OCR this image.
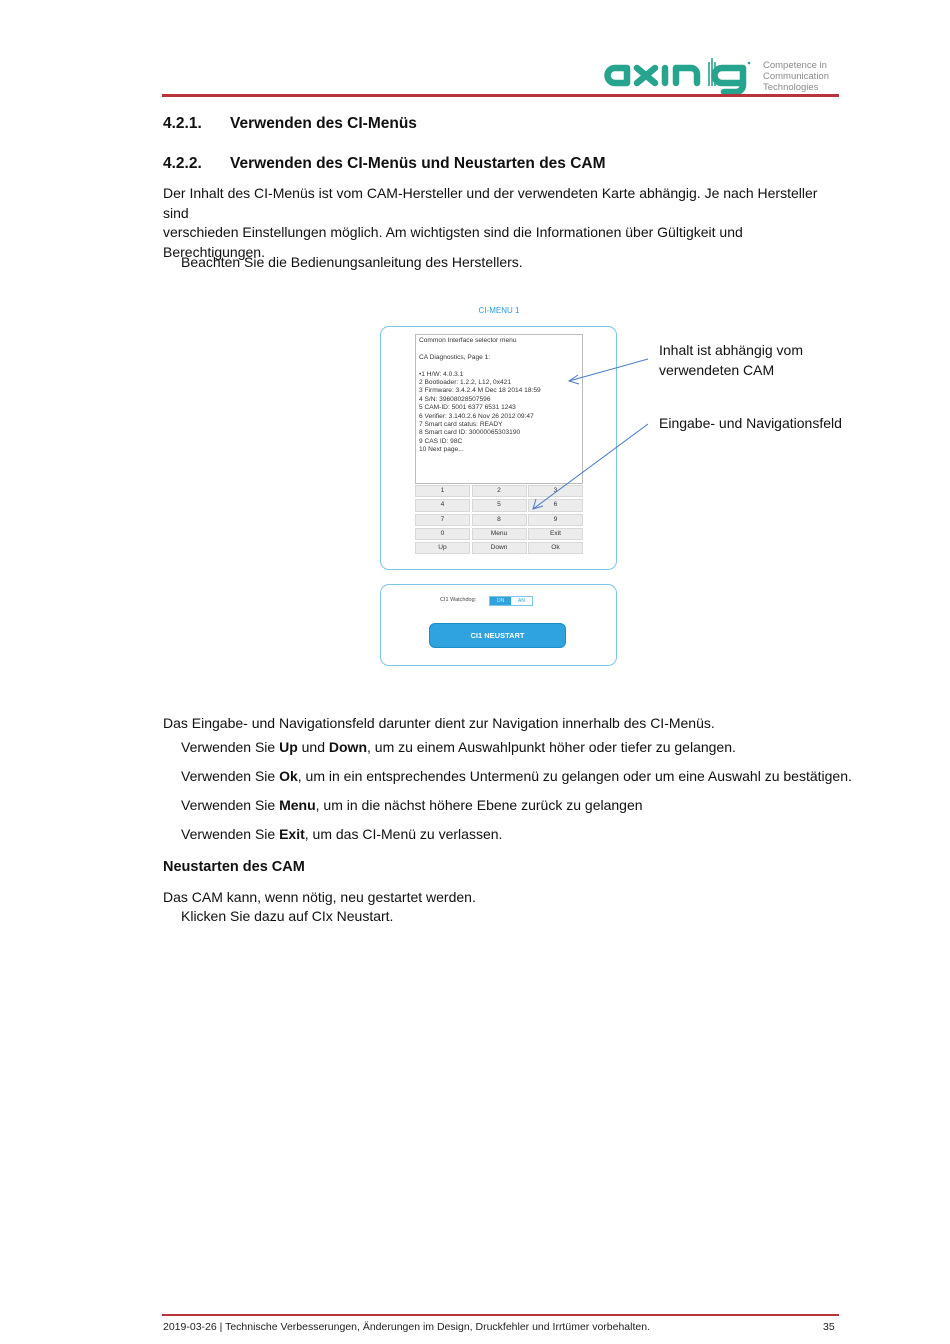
Competence in
Communication
Technologies
4.2.1. Verwenden des CI-Menüs
4.2.2. Verwenden des CI-Menüs und Neustarten des CAM
Der Inhalt des CI-Menüs ist vom CAM-Hersteller und der verwendeten Karte abhängig. Je nach Hersteller sind
verschieden Einstellungen möglich. Am wichtigsten sind die Informationen über Gültigkeit und
Berechtigungen.
Beachten Sie die Bedienungsanleitung des Herstellers.
CI-MENU 1
Common Interface selector menu
CA Diagnostics, Page 1:
•1 H/W: 4.0.3.1
2 Bootloader: 1.2.2, L12, 0x421
3 Firmware: 3.4.2.4 M Dec 18 2014 18:59
4 S/N: 39608028507596
5 CAM-ID: 5001 6377 6531 1243
6 Verifier: 3.140.2.6 Nov 26 2012 09:47
7 Smart card status: READY
8 Smart card ID: 30000065303190
9 CAS ID: 98C
10 Next page...
1	2	3
4	5	6
7	8	9
0	Menu	Exit
Up	Down	Ok
CI1 Watchdog:	ON	AN
CI1 NEUSTART
Inhalt ist abhängig vom
verwendeten CAM
Eingabe- und Navigationsfeld
Das Eingabe- und Navigationsfeld darunter dient zur Navigation innerhalb des CI-Menüs.
Verwenden Sie Up und Down, um zu einem Auswahlpunkt höher oder tiefer zu gelangen.
Verwenden Sie Ok, um in ein entsprechendes Untermenü zu gelangen oder um eine Auswahl zu bestätigen.
Verwenden Sie Menu, um in die nächst höhere Ebene zurück zu gelangen
Verwenden Sie Exit, um das CI-Menü zu verlassen.
Neustarten des CAM
Das CAM kann, wenn nötig, neu gestartet werden.
Klicken Sie dazu auf CIx Neustart.
2019-03-26 | Technische Verbesserungen, Änderungen im Design, Druckfehler und Irrtümer vorbehalten.	35
